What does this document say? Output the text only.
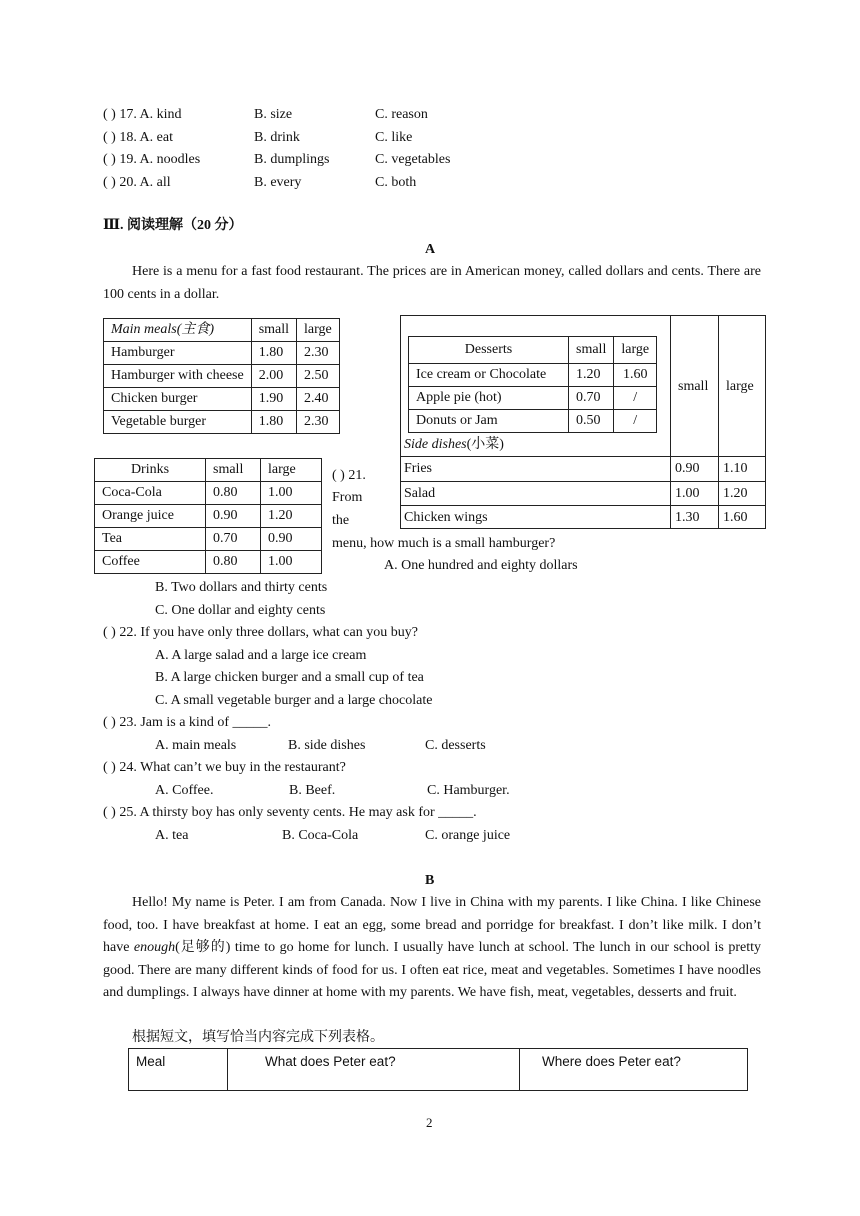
( ) 17. A. kind	B. size	C. reason
( ) 18. A. eat	B. drink	C. like
( ) 19. A. noodles	B. dumplings	C. vegetables
( ) 20. A. all	B. every	C. both
Ⅲ. 阅读理解（20 分）
A
Here is a menu for a fast food restaurant. The prices are in American money, called dollars and cents. There are 100 cents in a dollar.
Main meals(主食)	small	large
Hamburger	1.80	2.30
Hamburger with cheese	2.00	2.50
Chicken burger	1.90	2.40
Vegetable burger	1.80	2.30
Drinks	small	large
Coca-Cola	0.80	1.00
Orange juice	0.90	1.20
Tea	0.70	0.90
Coffee	0.80	1.00
small large
Side dishes(小菜)
Fries	0.90 1.10
Salad	1.00 1.20
Chicken wings	1.30 1.60
Desserts	small	large
Ice cream or Chocolate	1.20	1.60
Apple pie (hot)	0.70	/
Donuts or Jam	0.50	/
( ) 21.
From
the
menu, how much is a small hamburger?
A. One hundred and eighty dollars
B. Two dollars and thirty cents
C. One dollar and eighty cents
( ) 22. If you have only three dollars, what can you buy?
A. A large salad and a large ice cream
B. A large chicken burger and a small cup of tea
C. A small vegetable burger and a large chocolate
( ) 23. Jam is a kind of _____.
A. main meals	B. side dishes	C. desserts
( ) 24. What can’t we buy in the restaurant?
A. Coffee.	B. Beef.	C. Hamburger.
( ) 25. A thirsty boy has only seventy cents. He may ask for _____.
A. tea	B. Coca-Cola	C. orange juice
B
Hello! My name is Peter. I am from Canada. Now I live in China with my parents. I like China. I like Chinese food, too. I have breakfast at home. I eat an egg, some bread and porridge for breakfast. I don’t like milk. I don’t have enough(足够的) time to go home for lunch. I usually have lunch at school. The lunch in our school is pretty good. There are many different kinds of food for us. I often eat rice, meat and vegetables. Sometimes I have noodles and dumplings. I always have dinner at home with my parents. We have fish, meat, vegetables, desserts and fruit.
根据短文，填写恰当内容完成下列表格。
Meal	What does Peter eat?	Where does Peter eat?
2
